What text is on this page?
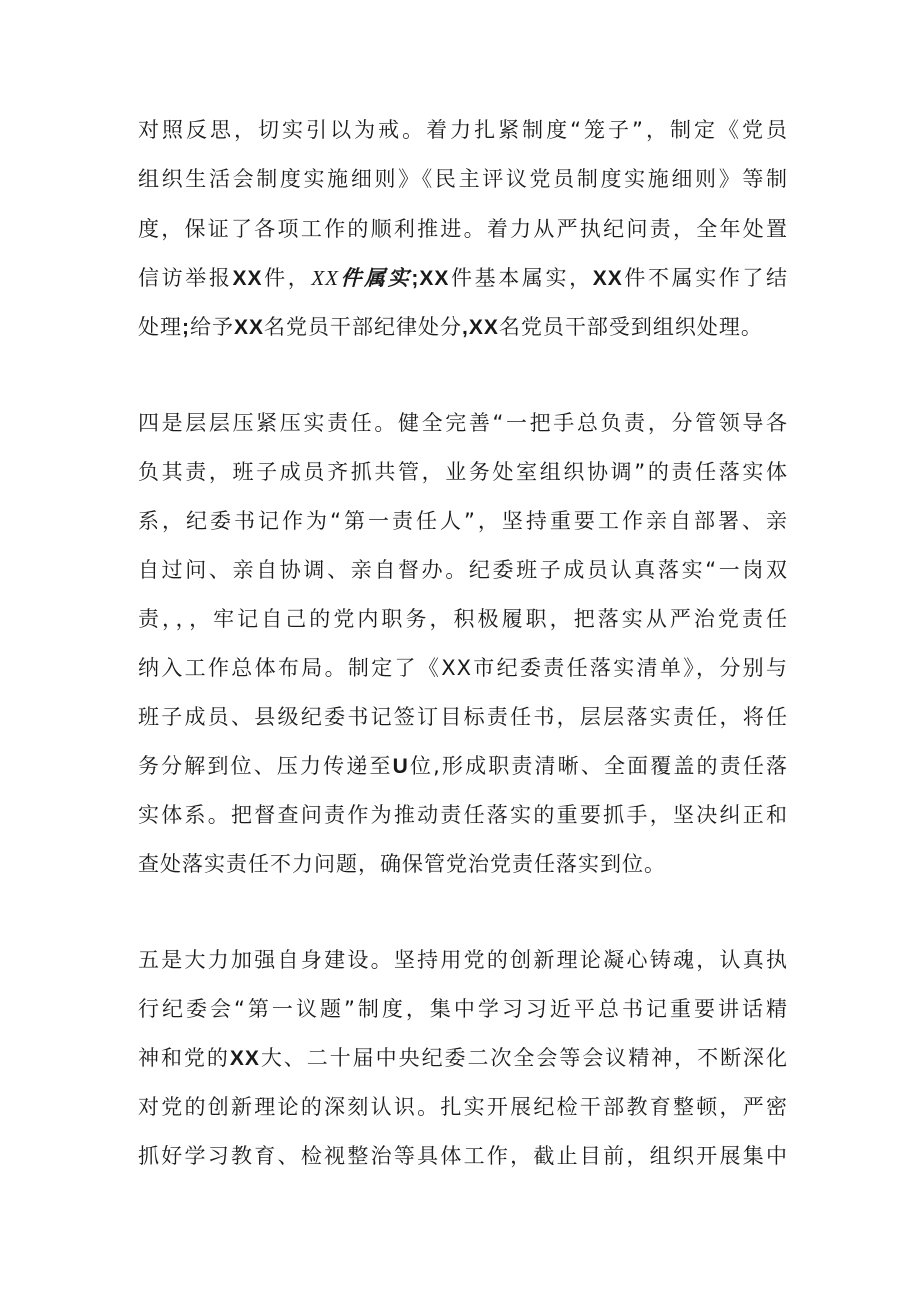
对照反思，切实引以为戒。着力扎紧制度“笼子”，制定《党员
组织生活会制度实施细则》《民主评议党员制度实施细则》等制
度，保证了各项工作的顺利推进。着力从严执纪问责，全年处置
信访举报XX件，XX件属实;XX件基本属实，XX件不属实作了结
处理;给予XX名党员干部纪律处分,XX名党员干部受到组织处理。
四是层层压紧压实责任。健全完善“一把手总负责，分管领导各
负其责，班子成员齐抓共管，业务处室组织协调”的责任落实体
系，纪委书记作为“第一责任人”，坚持重要工作亲自部署、亲
自过问、亲自协调、亲自督办。纪委班子成员认真落实“一岗双
责，，，牢记自己的党内职务，积极履职，把落实从严治党责任
纳入工作总体布局。制定了《XX市纪委责任落实清单》，分别与
班子成员、县级纪委书记签订目标责任书，层层落实责任，将任
务分解到位、压力传递至U位,形成职责清晰、全面覆盖的责任落
实体系。把督查问责作为推动责任落实的重要抓手，坚决纠正和
查处落实责任不力问题，确保管党治党责任落实到位。
五是大力加强自身建设。坚持用党的创新理论凝心铸魂，认真执
行纪委会“第一议题”制度，集中学习习近平总书记重要讲话精
神和党的XX大、二十届中央纪委二次全会等会议精神，不断深化
对党的创新理论的深刻认识。扎实开展纪检干部教育整顿，严密
抓好学习教育、检视整治等具体工作，截止目前，组织开展集中
